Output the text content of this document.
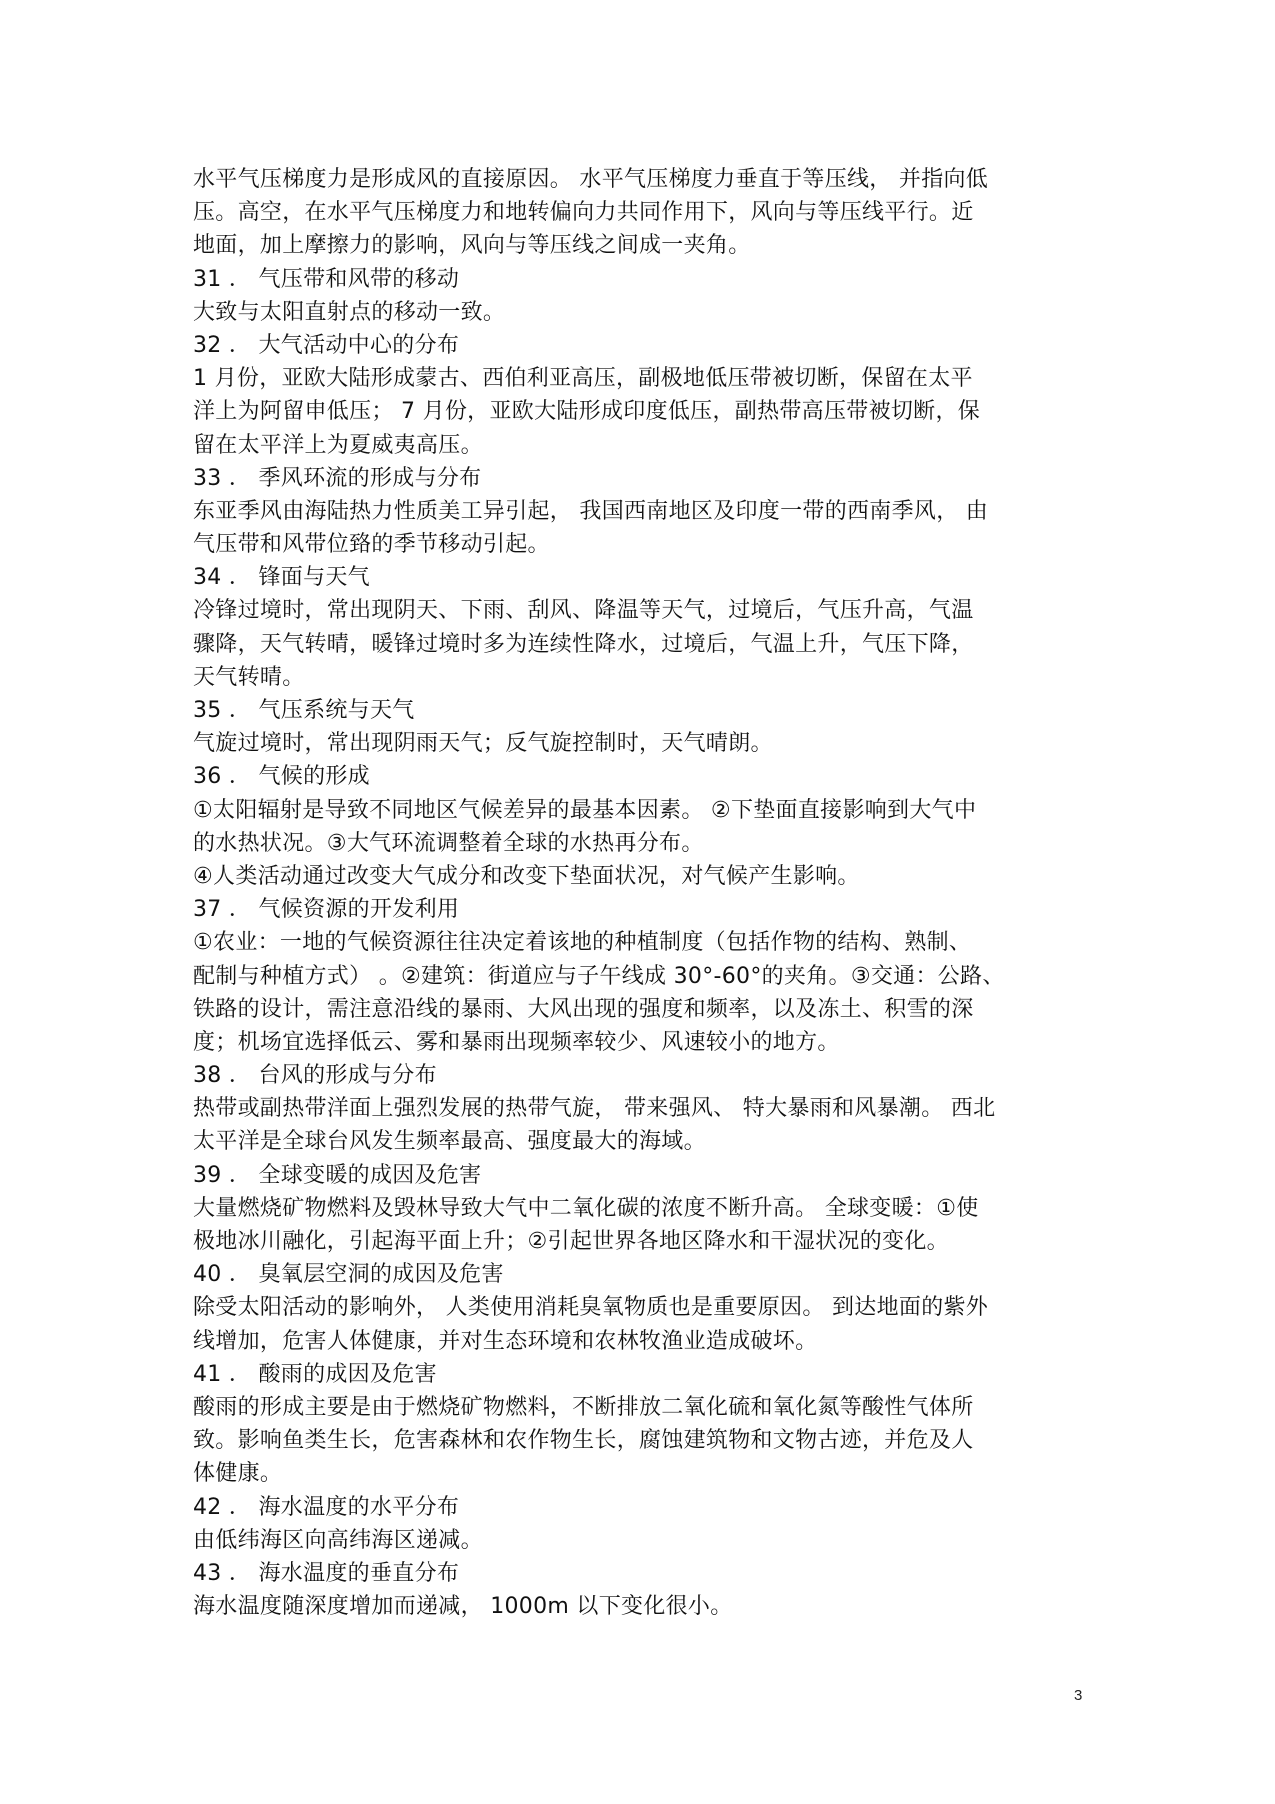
水平气压梯度力是形成风的直接原因。 水平气压梯度力垂直于等压线， 并指向低
压。高空，在水平气压梯度力和地转偏向力共同作用下，风向与等压线平行。近
地面，加上摩擦力的影响，风向与等压线之间成一夹角。
31 ． 气压带和风带的移动
大致与太阳直射点的移动一致。
32 ． 大气活动中心的分布
1 月份，亚欧大陆形成蒙古、西伯利亚高压，副极地低压带被切断，保留在太平
洋上为阿留申低压； 7 月份，亚欧大陆形成印度低压，副热带高压带被切断，保
留在太平洋上为夏威夷高压。
33 ． 季风环流的形成与分布
东亚季风由海陆热力性质美工异引起， 我国西南地区及印度一带的西南季风， 由
气压带和风带位臵的季节移动引起。
34 ． 锋面与天气
冷锋过境时，常出现阴天、下雨、刮风、降温等天气，过境后，气压升高，气温
骤降，天气转晴，暖锋过境时多为连续性降水，过境后，气温上升，气压下降，
天气转晴。
35 ． 气压系统与天气
气旋过境时，常出现阴雨天气；反气旋控制时，天气晴朗。
36 ． 气候的形成
①太阳辐射是导致不同地区气候差异的最基本因素。 ②下垫面直接影响到大气中
的水热状况。③大气环流调整着全球的水热再分布。
④人类活动通过改变大气成分和改变下垫面状况，对气候产生影响。
37 ． 气候资源的开发利用
①农业：一地的气候资源往往决定着该地的种植制度（包括作物的结构、熟制、
配制与种植方式） 。②建筑：街道应与子午线成 30°-60°的夹角。③交通：公路、
铁路的设计，需注意沿线的暴雨、大风出现的强度和频率，以及冻土、积雪的深
度；机场宜选择低云、雾和暴雨出现频率较少、风速较小的地方。
38 ． 台风的形成与分布
热带或副热带洋面上强烈发展的热带气旋， 带来强风、 特大暴雨和风暴潮。 西北
太平洋是全球台风发生频率最高、强度最大的海域。
39 ． 全球变暖的成因及危害
大量燃烧矿物燃料及毁林导致大气中二氧化碳的浓度不断升高。 全球变暖：①使
极地冰川融化，引起海平面上升；②引起世界各地区降水和干湿状况的变化。
40 ． 臭氧层空洞的成因及危害
除受太阳活动的影响外， 人类使用消耗臭氧物质也是重要原因。 到达地面的紫外
线增加，危害人体健康，并对生态环境和农林牧渔业造成破坏。
41 ． 酸雨的成因及危害
酸雨的形成主要是由于燃烧矿物燃料，不断排放二氧化硫和氧化氮等酸性气体所
致。影响鱼类生长，危害森林和农作物生长，腐蚀建筑物和文物古迹，并危及人
体健康。
42 ． 海水温度的水平分布
由低纬海区向高纬海区递减。
43 ． 海水温度的垂直分布
海水温度随深度增加而递减， 1000m 以下变化很小。
3
